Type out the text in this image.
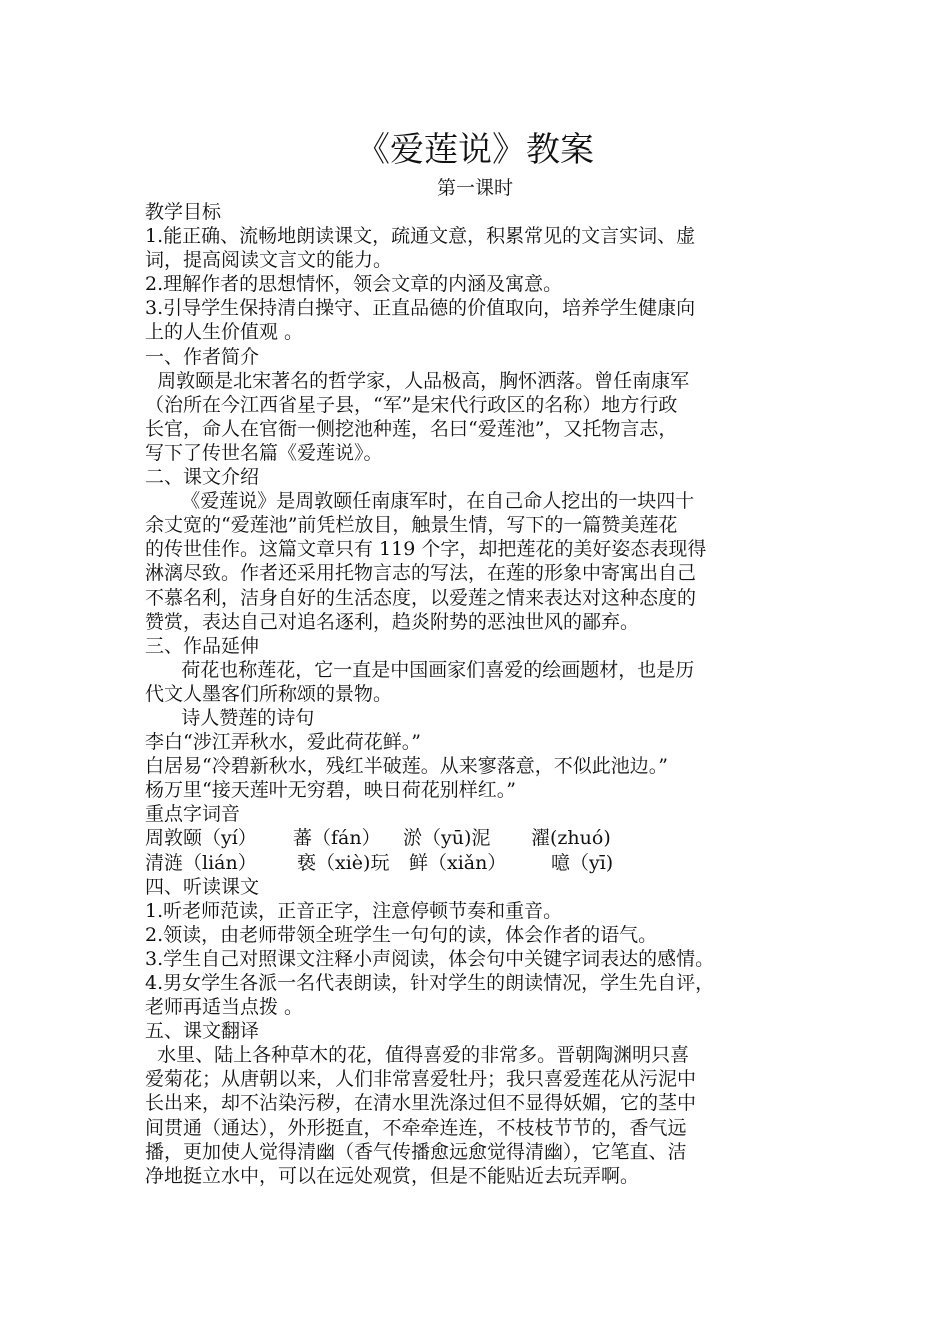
《爱莲说》教案
第一课时

教学目标

1.能正确、流畅地朗读课文，疏通文意，积累常见的文言实词、虚

词，提高阅读文言文的能力。

2.理解作者的思想情怀，领会文章的内涵及寓意。

3.引导学生保持清白操守、正直品德的价值取向，培养学生健康向

上的人生价值观 。

一、作者简介

周敦颐是北宋著名的哲学家，人品极高，胸怀洒落。曾任南康军

（治所在今江西省星子县，“军”是宋代行政区的名称）地方行政

长官，命人在官衙一侧挖池种莲，名曰“爱莲池”，又托物言志，

写下了传世名篇《爱莲说》。

二、课文介绍

《爱莲说》是周敦颐任南康军时，在自己命人挖出的一块四十

余丈宽的“爱莲池”前凭栏放目，触景生情，写下的一篇赞美莲花

的传世佳作。这篇文章只有 119 个字，却把莲花的美好姿态表现得

淋漓尽致。作者还采用托物言志的写法，在莲的形象中寄寓出自己

不慕名利，洁身自好的生活态度，以爱莲之情来表达对这种态度的

赞赏，表达自己对追名逐利，趋炎附势的恶浊世风的鄙弃。

三、作品延伸

荷花也称莲花，它一直是中国画家们喜爱的绘画题材，也是历

代文人墨客们所称颂的景物。

诗人赞莲的诗句

李白“涉江弄秋水，爱此荷花鲜。”

白居易“冷碧新秋水，残红半破莲。从来寥落意，不似此池边。”

杨万里“接天莲叶无穷碧，映日荷花别样红。”

重点字词音

周敦颐（yí） 蕃（fán） 淤（yū)泥 濯(zhuó)

清涟（lián） 亵（xiè)玩 鲜（xiǎn） 噫（yī)

四、听读课文

1.听老师范读，正音正字，注意停顿节奏和重音。

2.领读，由老师带领全班学生一句句的读，体会作者的语气。

3.学生自己对照课文注释小声阅读，体会句中关键字词表达的感情。

4.男女学生各派一名代表朗读，针对学生的朗读情况，学生先自评，

老师再适当点拨 。

五、课文翻译

水里、陆上各种草木的花，值得喜爱的非常多。晋朝陶渊明只喜

爱菊花；从唐朝以来，人们非常喜爱牡丹；我只喜爱莲花从污泥中

长出来，却不沾染污秽，在清水里洗涤过但不显得妖媚，它的茎中

间贯通（通达），外形挺直，不牵牵连连，不枝枝节节的，香气远

播，更加使人觉得清幽（香气传播愈远愈觉得清幽），它笔直、洁

净地挺立水中，可以在远处观赏，但是不能贴近去玩弄啊。
